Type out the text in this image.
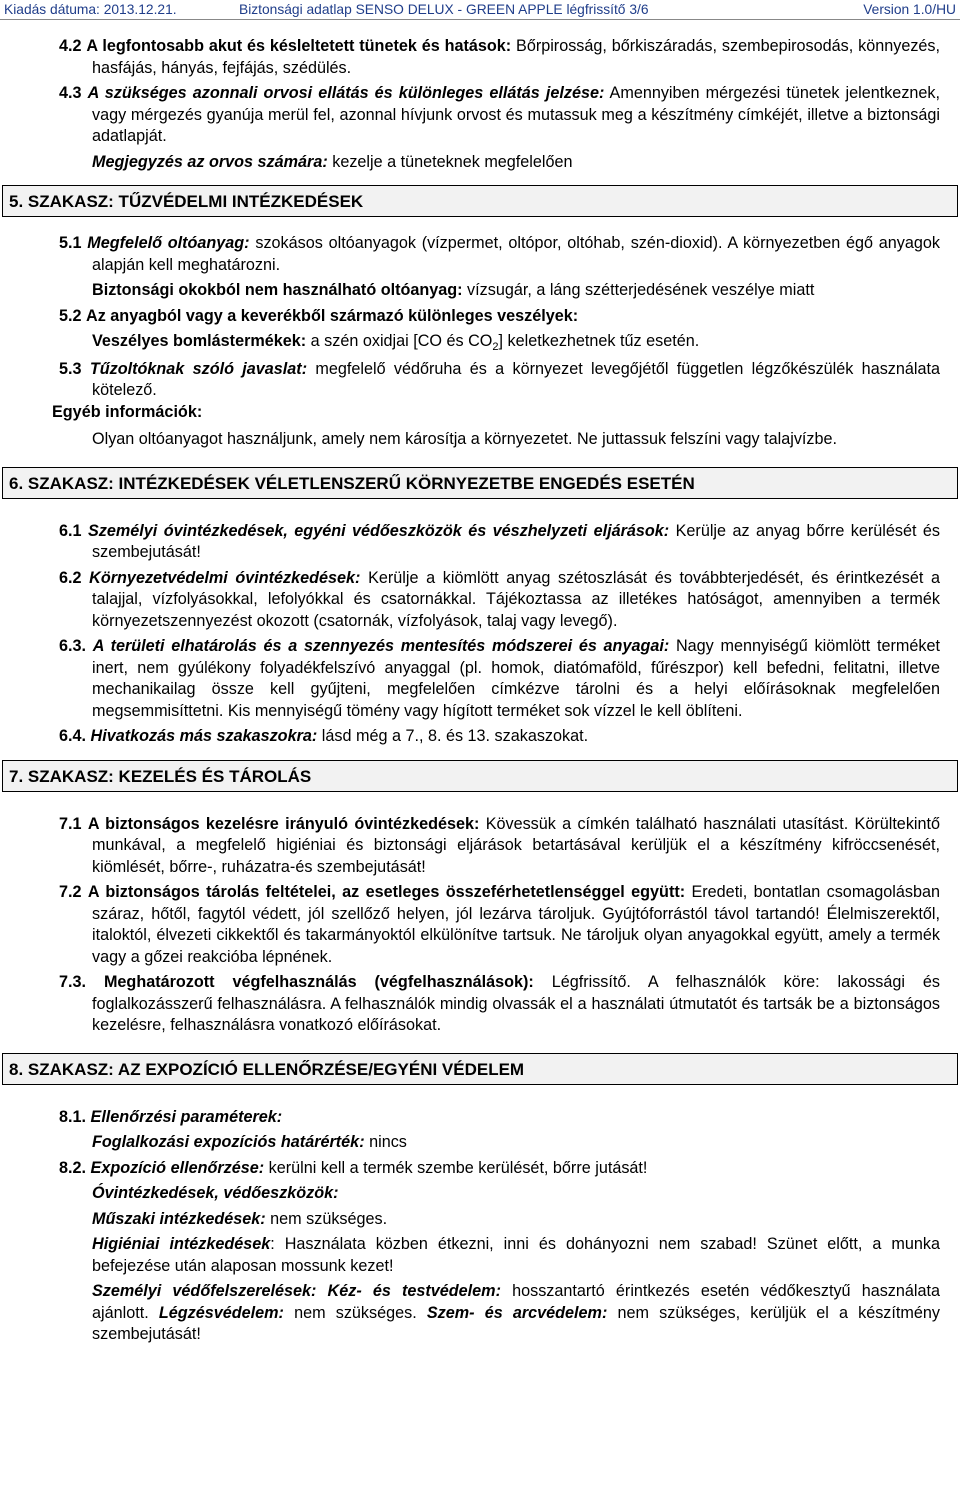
Kiadás dátuma: 2013.12.21.	Biztonsági adatlap SENSO DELUX - GREEN APPLE légfrissítő 3/6	Version 1.0/HU

4.2 A legfontosabb akut és késleltetett tünetek és hatások: Bőrpirosság, bőrkiszáradás, szembepirosodás, könnyezés, hasfájás, hányás, fejfájás, szédülés.

4.3 A szükséges azonnali orvosi ellátás és különleges ellátás jelzése: Amennyiben mérgezési tünetek jelentkeznek, vagy mérgezés gyanúja merül fel, azonnal hívjunk orvost és mutassuk meg a készítmény címkéjét, illetve a biztonsági adatlapját.

Megjegyzés az orvos számára: kezelje a tüneteknek megfelelően

5. SZAKASZ: TŰZVÉDELMI INTÉZKEDÉSEK

5.1 Megfelelő oltóanyag: szokásos oltóanyagok (vízpermet, oltópor, oltóhab, szén-dioxid). A környezetben égő anyagok alapján kell meghatározni.

Biztonsági okokból nem használható oltóanyag: vízsugár, a láng szétterjedésének veszélye miatt

5.2 Az anyagból vagy a keverékből származó különleges veszélyek:

Veszélyes bomlástermékek: a szén oxidjai [CO és $CO_2$] keletkezhetnek tűz esetén.

5.3 Tűzoltóknak szóló javaslat: megfelelő védőruha és a környezet levegőjétől független légzőkészülék használata kötelező.

Egyéb információk:

Olyan oltóanyagot használjunk, amely nem károsítja a környezetet. Ne juttassuk felszíni vagy talajvízbe.

6. SZAKASZ: INTÉZKEDÉSEK VÉLETLENSZERŰ KÖRNYEZETBE ENGEDÉS ESETÉN

6.1 Személyi óvintézkedések, egyéni védőeszközök és vészhelyzeti eljárások: Kerülje az anyag bőrre kerülését és szembejutását!

6.2 Környezetvédelmi óvintézkedések: Kerülje a kiömlött anyag szétoszlását és továbbterjedését, és érintkezését a talajjal, vízfolyásokkal, lefolyókkal és csatornákkal. Tájékoztassa az illetékes hatóságot, amennyiben a termék környezetszennyezést okozott (csatornák, vízfolyások, talaj vagy levegő).

6.3. A területi elhatárolás és a szennyezés mentesítés módszerei és anyagai: Nagy mennyiségű kiömlött terméket inert, nem gyúlékony folyadékfelszívó anyaggal (pl. homok, diatómaföld, fűrészpor) kell befedni, felitatni, illetve mechanikailag össze kell gyűjteni, megfelelően címkézve tárolni és a helyi előírásoknak megfelelően megsemmisíttetni. Kis mennyiségű tömény vagy hígított terméket sok vízzel le kell öblíteni.

6.4. Hivatkozás más szakaszokra: lásd még a 7., 8. és 13. szakaszokat.

7. SZAKASZ: KEZELÉS ÉS TÁROLÁS

7.1 A biztonságos kezelésre irányuló óvintézkedések: Kövessük a címkén található használati utasítást. Körültekintő munkával, a megfelelő higiéniai és biztonsági eljárások betartásával kerüljük el a készítmény kifröccsenését, kiömlését, bőrre-, ruházatra-és szembejutását!

7.2 A biztonságos tárolás feltételei, az esetleges összeférhetetlenséggel együtt: Eredeti, bontatlan csomagolásban száraz, hőtől, fagytól védett, jól szellőző helyen, jól lezárva tároljuk. Gyújtóforrástól távol tartandó! Élelmiszerektől, italoktól, élvezeti cikkektől és takarmányoktól elkülönítve tartsuk. Ne tároljuk olyan anyagokkal együtt, amely a termék vagy a gőzei reakcióba lépnének.

7.3. Meghatározott végfelhasználás (végfelhasználások): Légfrissítő. A felhasználók köre: lakossági és foglalkozásszerű felhasználásra. A felhasználók mindig olvassák el a használati útmutatót és tartsák be a biztonságos kezelésre, felhasználásra vonatkozó előírásokat.

8. SZAKASZ: AZ EXPOZÍCIÓ ELLENŐRZÉSE/EGYÉNI VÉDELEM

8.1. Ellenőrzési paraméterek:

Foglalkozási expozíciós határérték: nincs

8.2. Expozíció ellenőrzése: kerülni kell a termék szembe kerülését, bőrre jutását!

Óvintézkedések, védőeszközök:

Műszaki intézkedések: nem szükséges.

Higiéniai intézkedések: Használata közben étkezni, inni és dohányozni nem szabad! Szünet előtt, a munka befejezése után alaposan mossunk kezet!

Személyi védőfelszerelések: Kéz- és testvédelem: hosszantartó érintkezés esetén védőkesztyű használata ajánlott. Légzésvédelem: nem szükséges. Szem- és arcvédelem: nem szükséges, kerüljük el a készítmény szembejutását!
